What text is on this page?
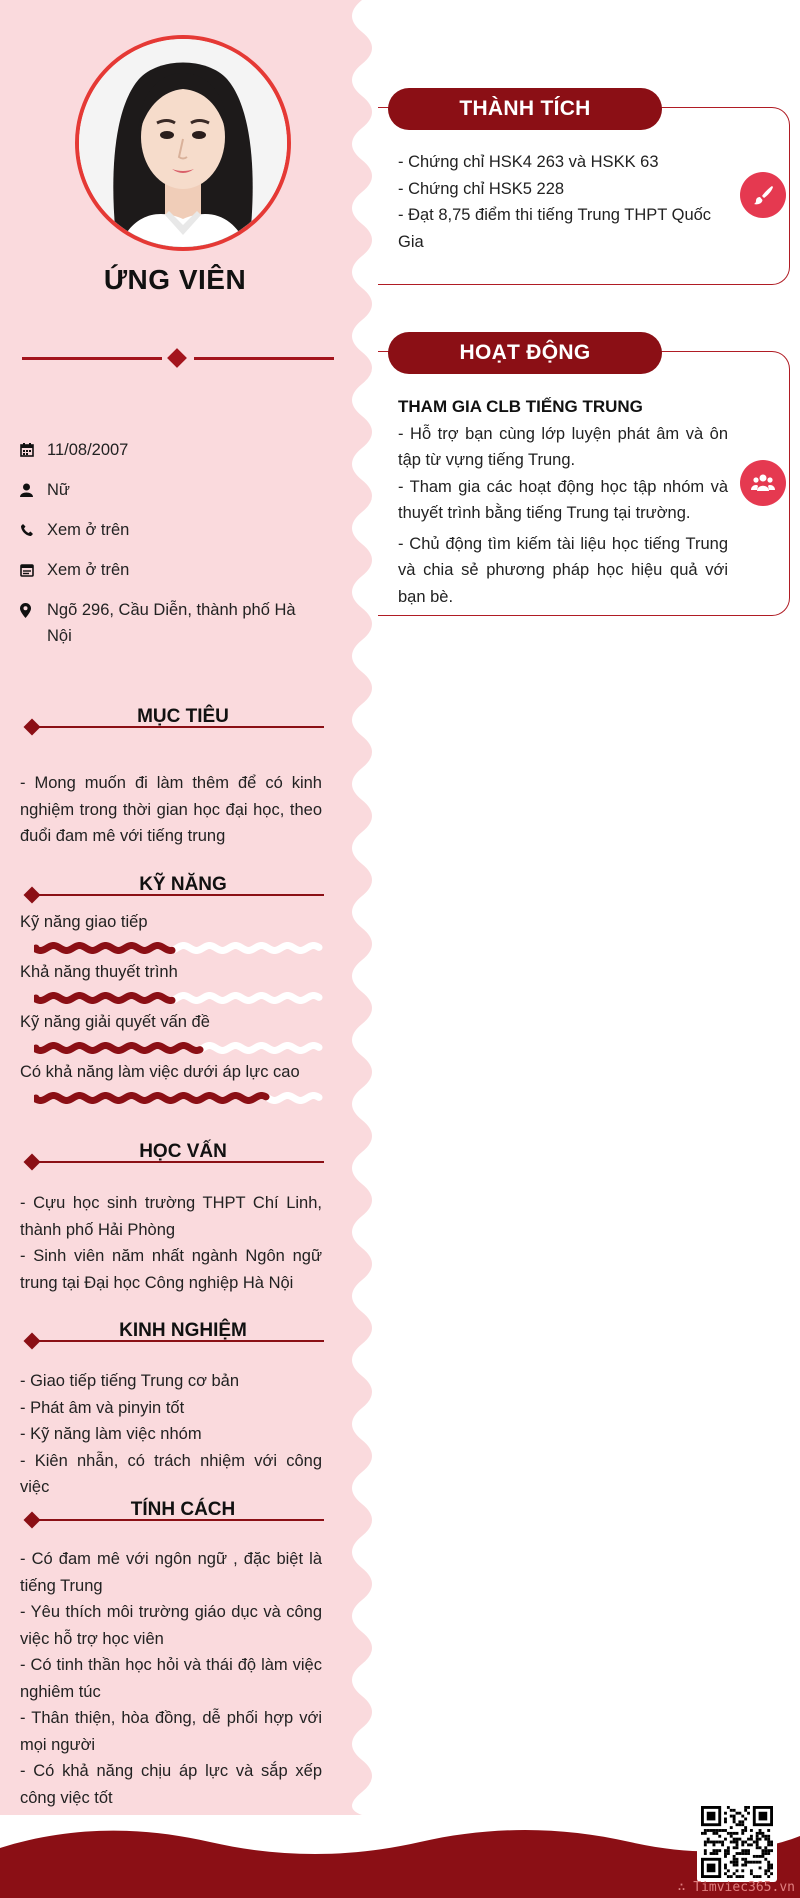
ỨNG VIÊN
11/08/2007
Nữ
Xem ở trên
Xem ở trên
Ngõ 296, Cầu Diễn, thành phố Hà Nội
MỤC TIÊU

- Mong muốn đi làm thêm để có kinh nghiệm trong thời gian học đại học, theo đuổi đam mê với tiếng trung

KỸ NĂNG
Kỹ năng giao tiếp
Khả năng thuyết trình
Kỹ năng giải quyết vấn đề
Có khả năng làm việc dưới áp lực cao
HỌC VẤN

- Cựu học sinh trường THPT Chí Linh, thành phố Hải Phòng

- Sinh viên năm nhất ngành Ngôn ngữ trung tại Đại học Công nghiệp Hà Nội

KINH NGHIỆM

- Giao tiếp tiếng Trung cơ bản

- Phát âm và pinyin tốt

- Kỹ năng làm việc nhóm

- Kiên nhẫn, có trách nhiệm với công việc

TÍNH CÁCH

- Có đam mê với ngôn ngữ , đặc biệt là tiếng Trung

- Yêu thích môi trường giáo dục và công việc hỗ trợ học viên

- Có tinh thần học hỏi và thái độ làm việc nghiêm túc

- Thân thiện, hòa đồng, dễ phối hợp với mọi người

- Có khả năng chịu áp lực và sắp xếp công việc tốt

THÀNH TÍCH

- Chứng chỉ HSK4 263 và HSKK 63

- Chứng chỉ HSK5 228

- Đạt 8,75 điểm thi tiếng Trung THPT Quốc Gia

HOẠT ĐỘNG

THAM GIA CLB TIẾNG TRUNG

- Hỗ trợ bạn cùng lớp luyện phát âm và ôn tập từ vựng tiếng Trung.

- Tham gia các hoạt động học tập nhóm và thuyết trình bằng tiếng Trung tại trường.

- Chủ động tìm kiếm tài liệu học tiếng Trung và chia sẻ phương pháp học hiệu quả với bạn bè.

∴ Timviec365.vn
